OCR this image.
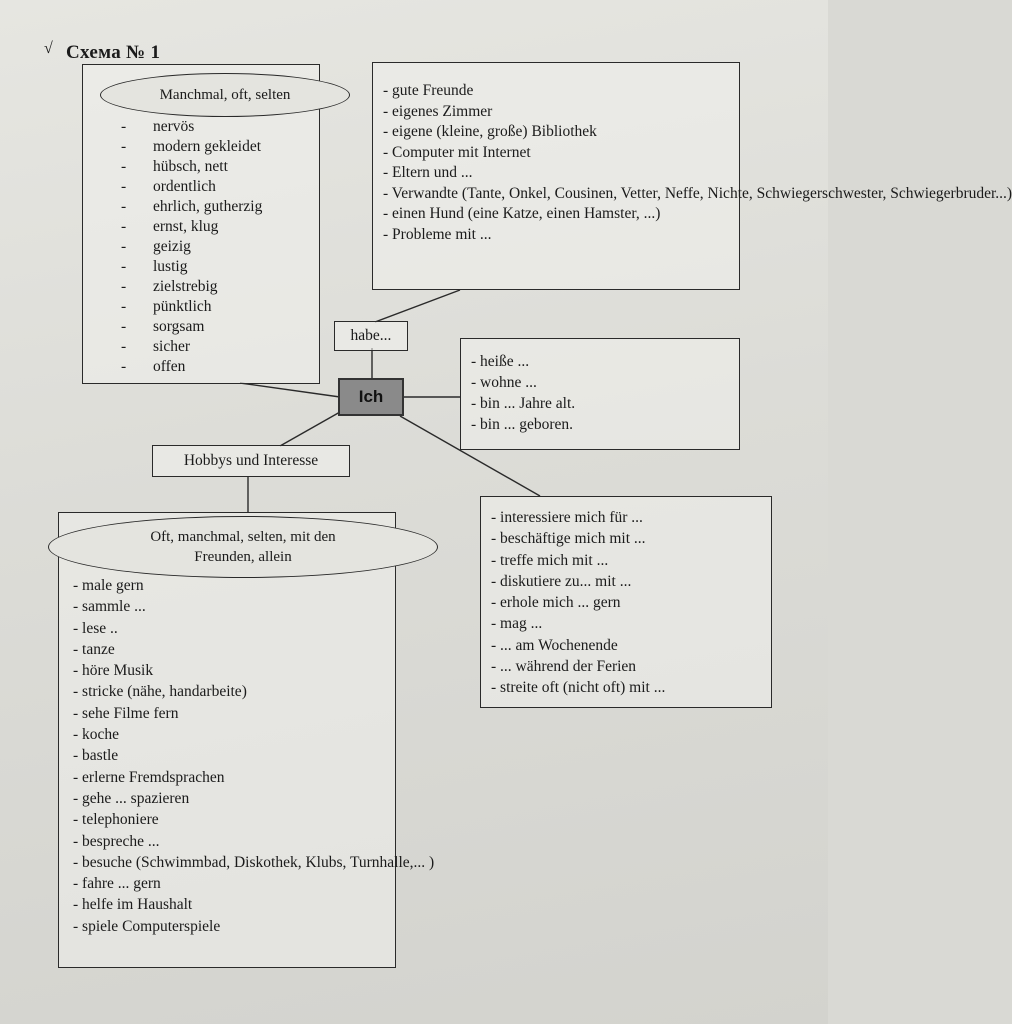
√ Схема № 1
- nervös
- modern gekleidet
- hübsch, nett
- ordentlich
- ehrlich, gutherzig
- ernst, klug
- geizig
- lustig
- zielstrebig
- pünktlich
- sorgsam
- sicher
- offen
Manchmal, oft, selten	- gute Freunde
- eigenes Zimmer
- eigene (kleine, große) Bibliothek
- Computer mit Internet
- Eltern und ...
- Verwandte (Tante, Onkel, Cousinen, Vetter, Neffe, Nichte, Schwiegerschwester, Schwiegerbruder...)
- einen Hund (eine Katze, einen Hamster, ...)
- Probleme mit ...
habe...
Ich
- heiße ...
- wohne ...
- bin ... Jahre alt.
- bin ... geboren.
Hobbys und Interesse
- male gern
- sammle ...
- lese ..
- tanze
- höre Musik
- stricke (nähe, handarbeite)
- sehe Filme fern
- koche
- bastle
- erlerne Fremdsprachen
- gehe ... spazieren
- telephoniere
- bespreche ...
- besuche (Schwimmbad, Diskothek, Klubs, Turnhalle,... )
- fahre ... gern
- helfe im Haushalt
- spiele Computerspiele
Oft, manchmal, selten, mit den Freunden, allein
- interessiere mich für ...
- beschäftige mich mit ...
- treffe mich mit ...
- diskutiere zu... mit ...
- erhole mich ... gern
- mag ...
- ... am Wochenende
- ... während der Ferien
- streite oft (nicht oft) mit ...
